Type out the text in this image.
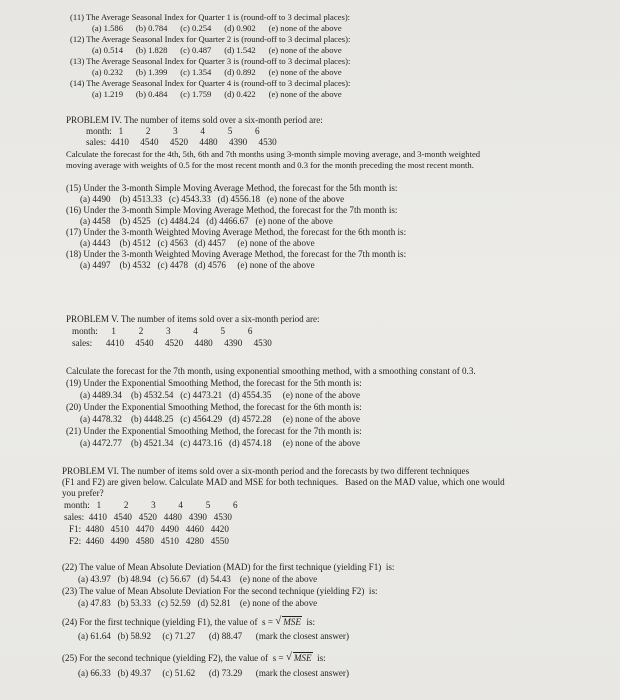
(11) The Average Seasonal Index for Quarter 1 is (round-off to 3 decimal places):
(a) 1.586      (b) 0.784      (c) 0.254      (d) 0.902      (e) none of the above
(12) The Average Seasonal Index for Quarter 2 is (round-off to 3 decimal places):
(a) 0.514      (b) 1.828      (c) 0.487      (d) 1.542      (e) none of the above
(13) The Average Seasonal Index for Quarter 3 is (round-off to 3 decimal places):
(a) 0.232      (b) 1.399      (c) 1.354      (d) 0.892      (e) none of the above
(14) The Average Seasonal Index for Quarter 4 is (round-off to 3 decimal places):
(a) 1.219      (b) 0.484      (c) 1.759      (d) 0.422      (e) none of the above
PROBLEM IV. The number of items sold over a six-month period are:
month:   1          2          3          4          5          6
sales:  4410     4540     4520     4480     4390     4530
Calculate the forecast for the 4th, 5th, 6th and 7th months using 3-month simple moving average, and 3-month weighted
moving average with weights of 0.5 for the most recent month and 0.3 for the month preceding the most recent month.
(15) Under the 3-month Simple Moving Average Method, the forecast for the 5th month is:
(a) 4490    (b) 4513.33   (c) 4543.33   (d) 4556.18   (e) none of the above
(16) Under the 3-month Simple Moving Average Method, the forecast for the 7th month is:
(a) 4458    (b) 4525   (c) 4484.24   (d) 4466.67   (e) none of the above
(17) Under the 3-month Weighted Moving Average Method, the forecast for the 6th month is:
(a) 4443    (b) 4512   (c) 4563   (d) 4457     (e) none of the above
(18) Under the 3-month Weighted Moving Average Method, the forecast for the 7th month is:
(a) 4497    (b) 4532   (c) 4478   (d) 4576     (e) none of the above
PROBLEM V. The number of items sold over a six-month period are:
month:      1          2          3          4          5          6
sales:      4410     4540     4520     4480     4390     4530
Calculate the forecast for the 7th month, using exponential smoothing method, with a smoothing constant of 0.3.
(19) Under the Exponential Smoothing Method, the forecast for the 5th month is:
(a) 4489.34    (b) 4532.54   (c) 4473.21   (d) 4554.35     (e) none of the above
(20) Under the Exponential Smoothing Method, the forecast for the 6th month is:
(a) 4478.32    (b) 4448.25   (c) 4564.29   (d) 4572.28     (e) none of the above
(21) Under the Exponential Smoothing Method, the forecast for the 7th month is:
(a) 4472.77    (b) 4521.34   (c) 4473.16   (d) 4574.18     (e) none of the above
PROBLEM VI. The number of items sold over a six-month period and the forecasts by two different techniques
(F1 and F2) are given below. Calculate MAD and MSE for both techniques.   Based on the MAD value, which one would
you prefer?
month:   1          2          3          4          5          6
sales:  4410   4540   4520   4480   4390   4530
F1:  4480   4510   4470   4490   4460   4420
F2:  4460   4490   4580   4510   4280   4550
(22) The value of Mean Absolute Deviation (MAD) for the first technique (yielding F1)  is:
(a) 43.97   (b) 48.94   (c) 56.67   (d) 54.43    (e) none of the above
(23) The value of Mean Absolute Deviation For the second technique (yielding F2)  is:
(a) 47.83   (b) 53.33   (c) 52.59   (d) 52.81    (e) none of the above
(24) For the first technique (yielding F1), the value of  s = √ MSE  is:
(a) 61.64   (b) 58.92     (c) 71.27      (d) 88.47      (mark the closest answer)
(25) For the second technique (yielding F2), the value of  s = √ MSE  is:
(a) 66.33   (b) 49.37     (c) 51.62      (d) 73.29      (mark the closest answer)
